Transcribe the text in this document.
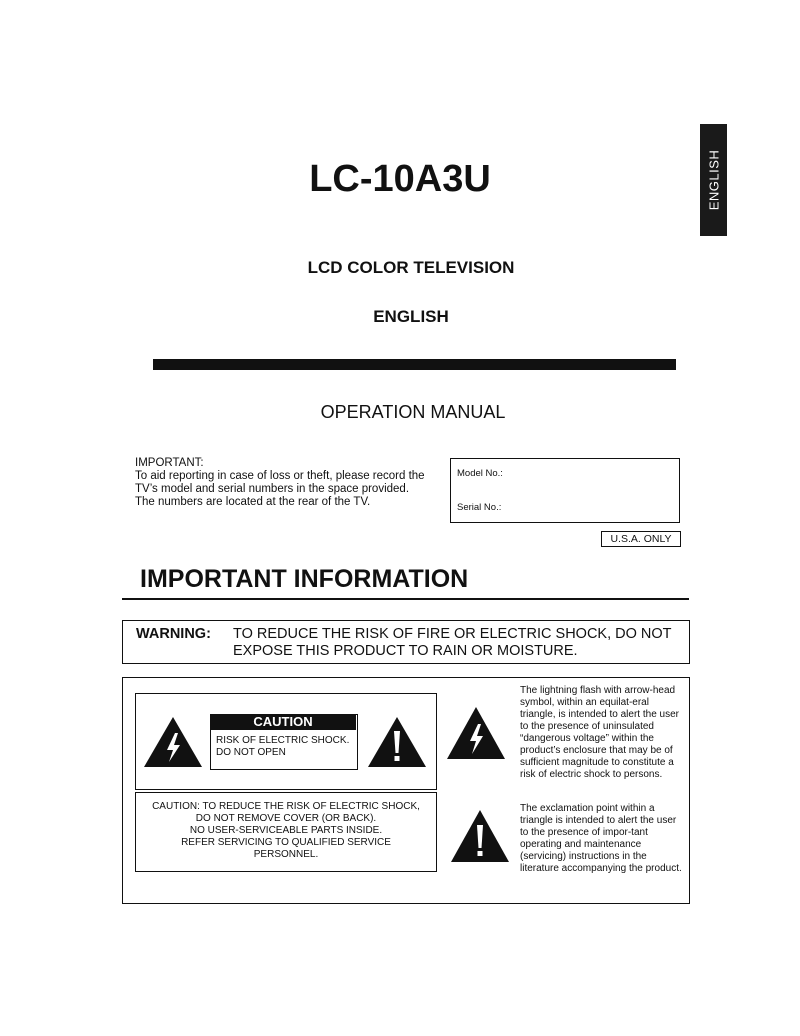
ENGLISH
LC-10A3U
LCD COLOR TELEVISION
ENGLISH
OPERATION MANUAL
IMPORTANT:
To aid reporting in case of loss or theft, please record the TV’s model and serial numbers in the space provided. The numbers are located at the rear of the TV.
Model No.:
Serial No.:
U.S.A. ONLY
IMPORTANT INFORMATION
WARNING: TO REDUCE THE RISK OF FIRE OR ELECTRIC SHOCK, DO NOT EXPOSE THIS PRODUCT TO RAIN OR MOISTURE.
CAUTION: TO REDUCE THE RISK OF ELECTRIC SHOCK,
DO NOT REMOVE COVER (OR BACK).
NO USER-SERVICEABLE PARTS INSIDE.
REFER SERVICING TO QUALIFIED SERVICE
PERSONNEL.
CAUTION
RISK OF ELECTRIC SHOCK.
DO NOT OPEN
The lightning flash with arrow-head symbol, within an equilat-eral triangle, is intended to alert the user to the presence of uninsulated “dangerous voltage” within the product’s enclosure that may be of sufficient magnitude to constitute a risk of electric shock to persons.
The exclamation point within a triangle is intended to alert the user to the presence of impor-tant operating and maintenance (servicing) instructions in the literature accompanying the product.
